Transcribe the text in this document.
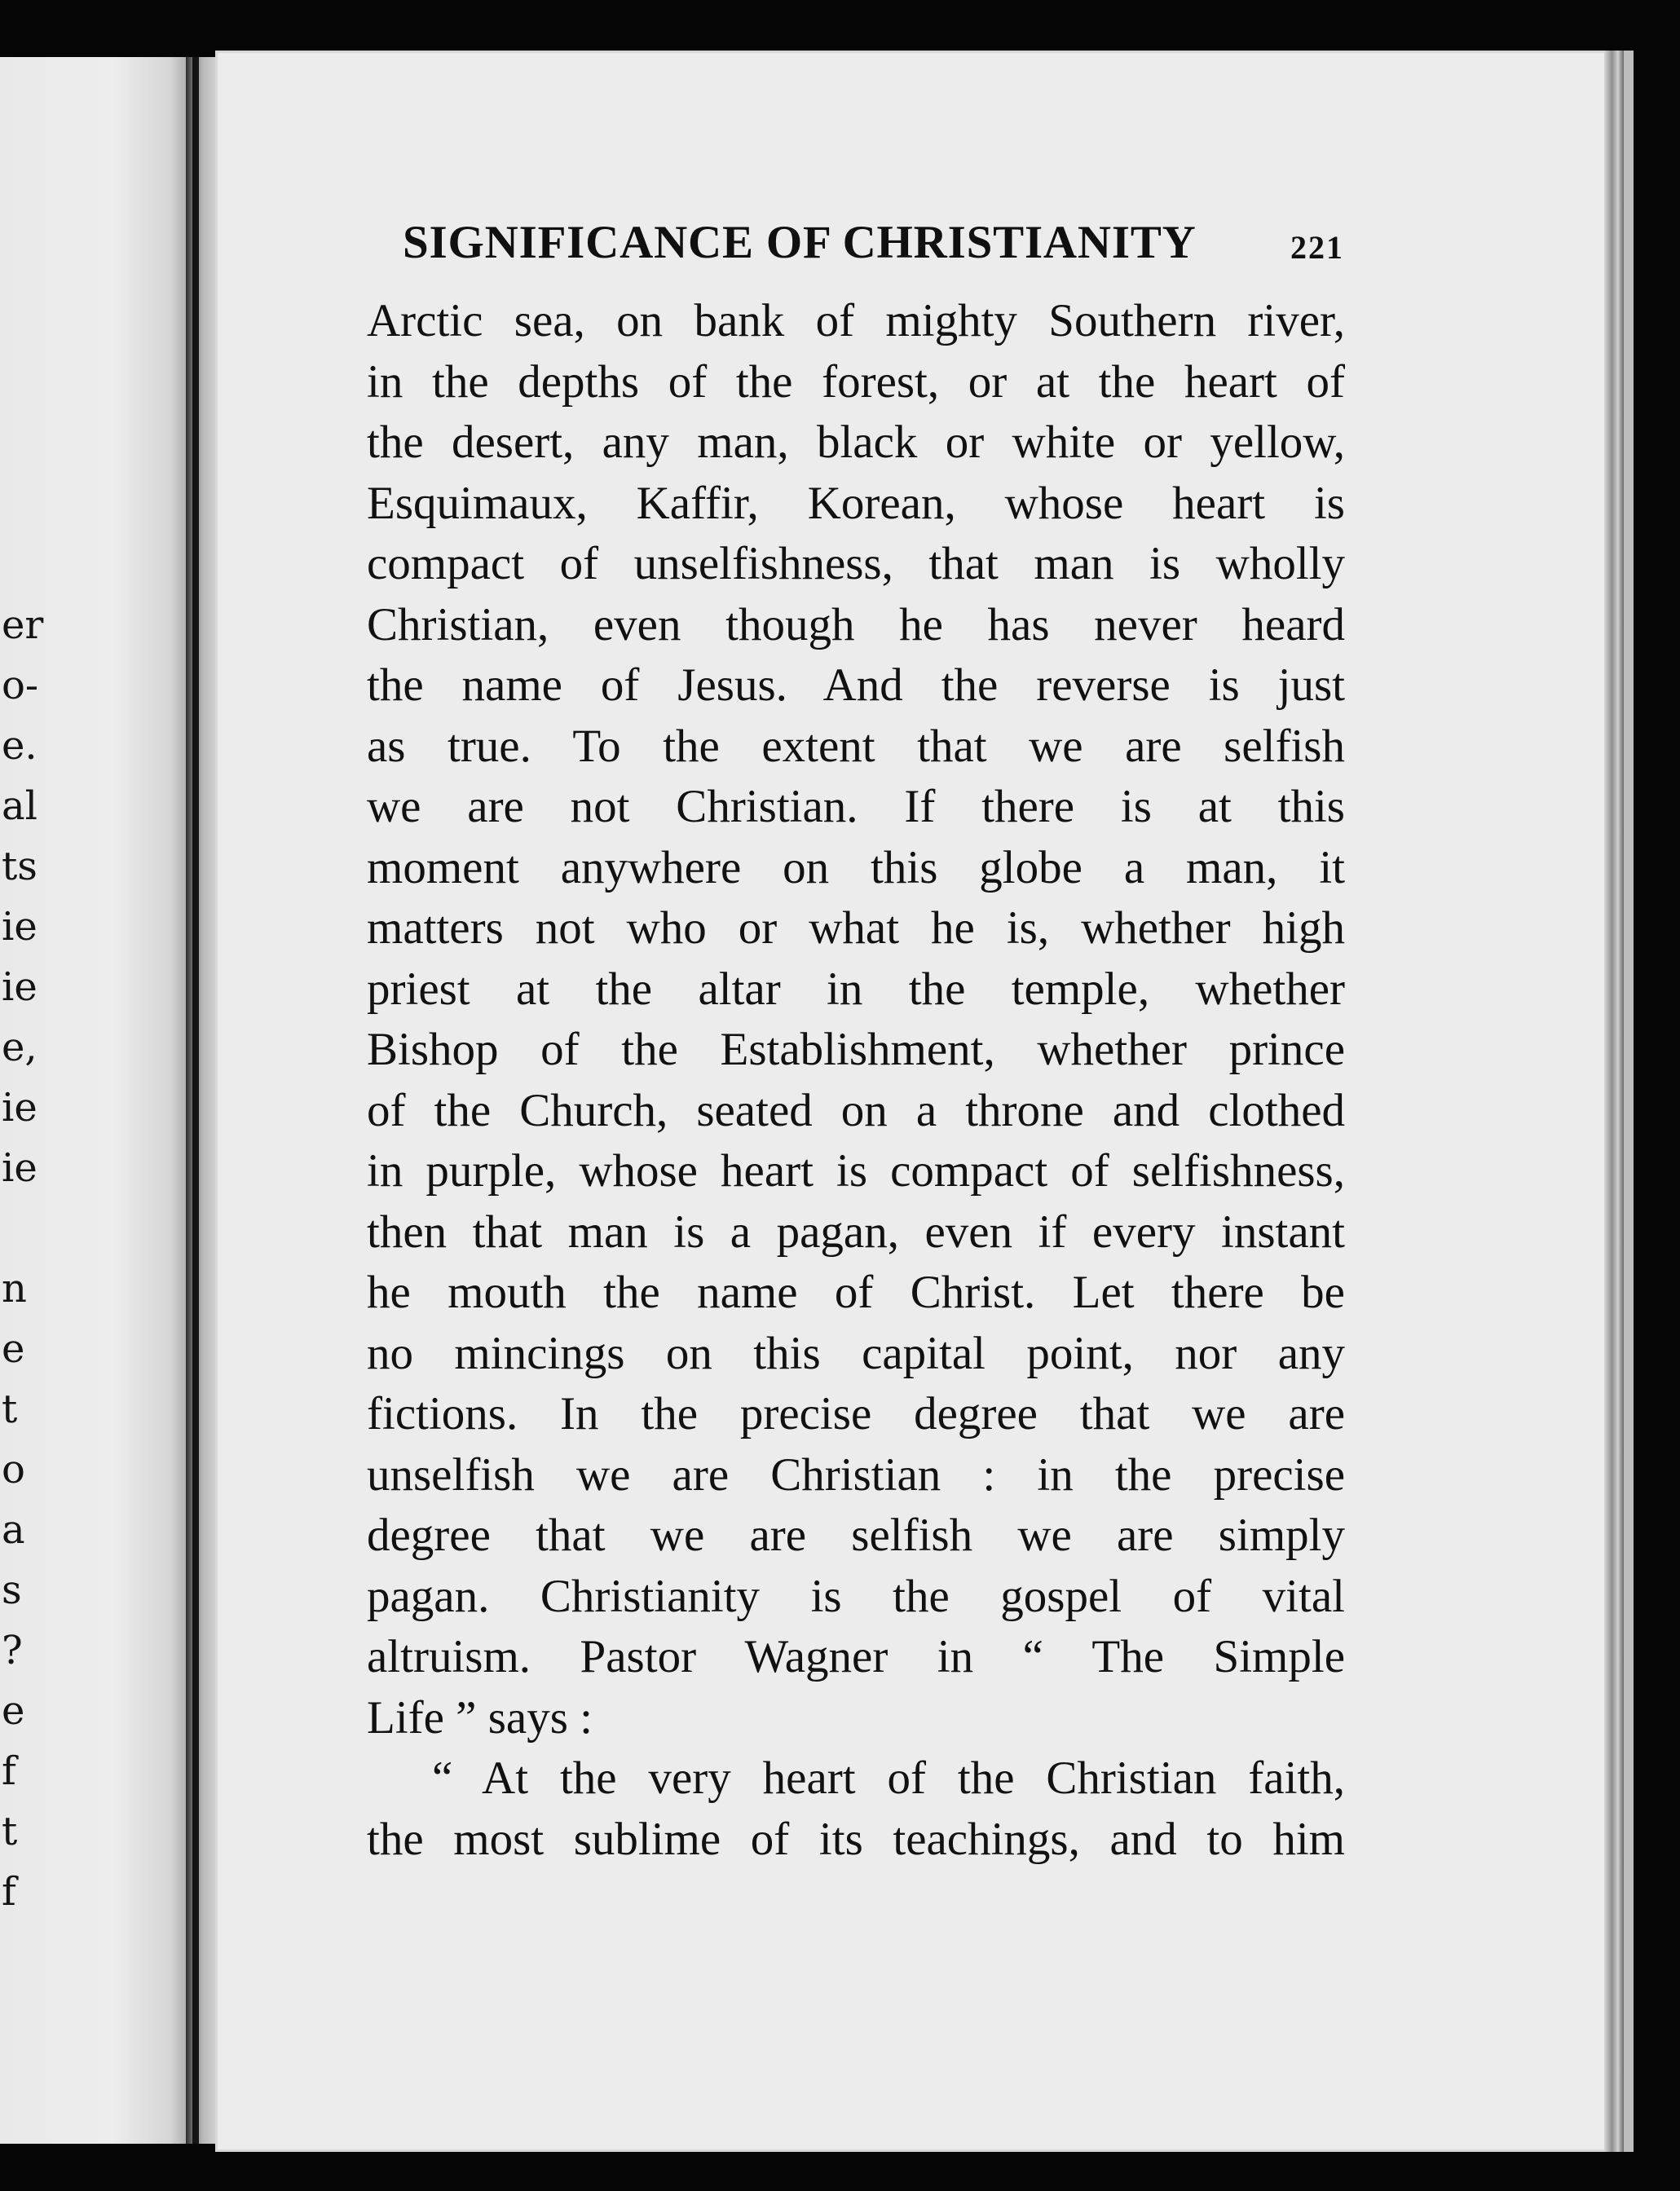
er
o-
e.
al
ts
ie
ie
e,
ie
ie
n
e
t
o
a
s
?
e
f
t
f
SIGNIFICANCE OF CHRISTIANITY	221
Arctic sea, on bank of mighty Southern river,
in the depths of the forest, or at the heart of
the desert, any man, black or white or yellow,
Esquimaux, Kaffir, Korean, whose heart is
compact of unselfishness, that man is wholly
Christian, even though he has never heard
the name of Jesus. And the reverse is just
as true. To the extent that we are selfish
we are not Christian. If there is at this
moment anywhere on this globe a man, it
matters not who or what he is, whether high
priest at the altar in the temple, whether
Bishop of the Establishment, whether prince
of the Church, seated on a throne and clothed
in purple, whose heart is compact of selfishness,
then that man is a pagan, even if every instant
he mouth the name of Christ. Let there be
no mincings on this capital point, nor any
fictions. In the precise degree that we are
unselfish we are Christian : in the precise
degree that we are selfish we are simply
pagan. Christianity is the gospel of vital
altruism. Pastor Wagner in “ The Simple
Life ” says :
“ At the very heart of the Christian faith,
the most sublime of its teachings, and to him
